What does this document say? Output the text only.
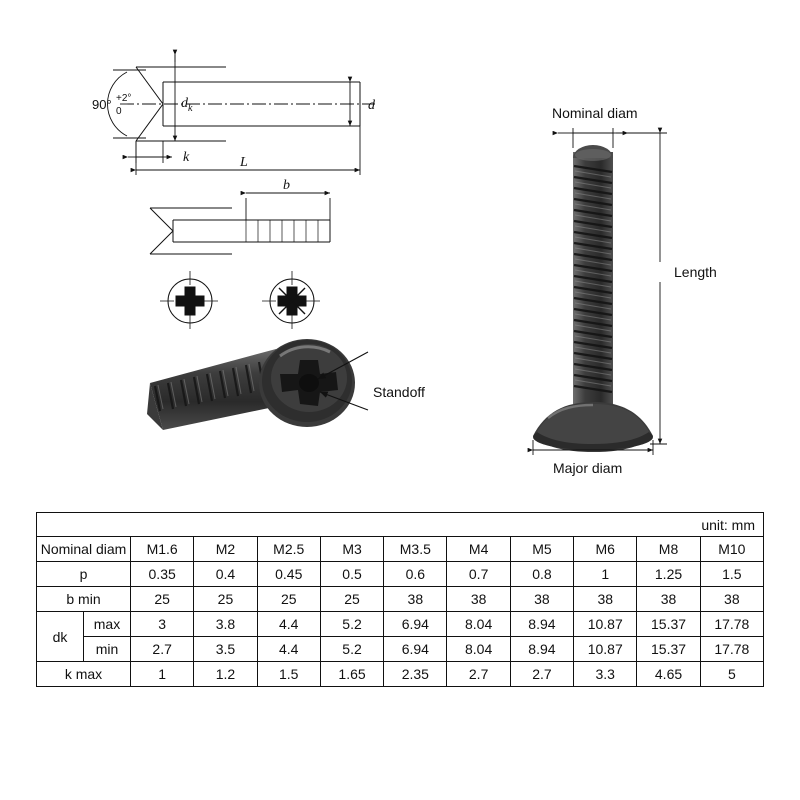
90° +2°
0
$d_k$	d
k	L
b
Standoff
Nominal diam
Length
Major diam
unit: mm
Nominal diam		M1.6	M2	M2.5	M3	M3.5	M4	M5	M6	M8	M10
p		0.35	0.4	0.45	0.5	0.6	0.7	0.8	1	1.25	1.5
b min		25	25	25	25	38	38	38	38	38	38
dk	max	3	3.8	4.4	5.2	6.94	8.04	8.94	10.87	15.37	17.78
	min	2.7	3.5	4.4	5.2	6.94	8.04	8.94	10.87	15.37	17.78
k max		1	1.2	1.5	1.65	2.35	2.7	2.7	3.3	4.65	5
